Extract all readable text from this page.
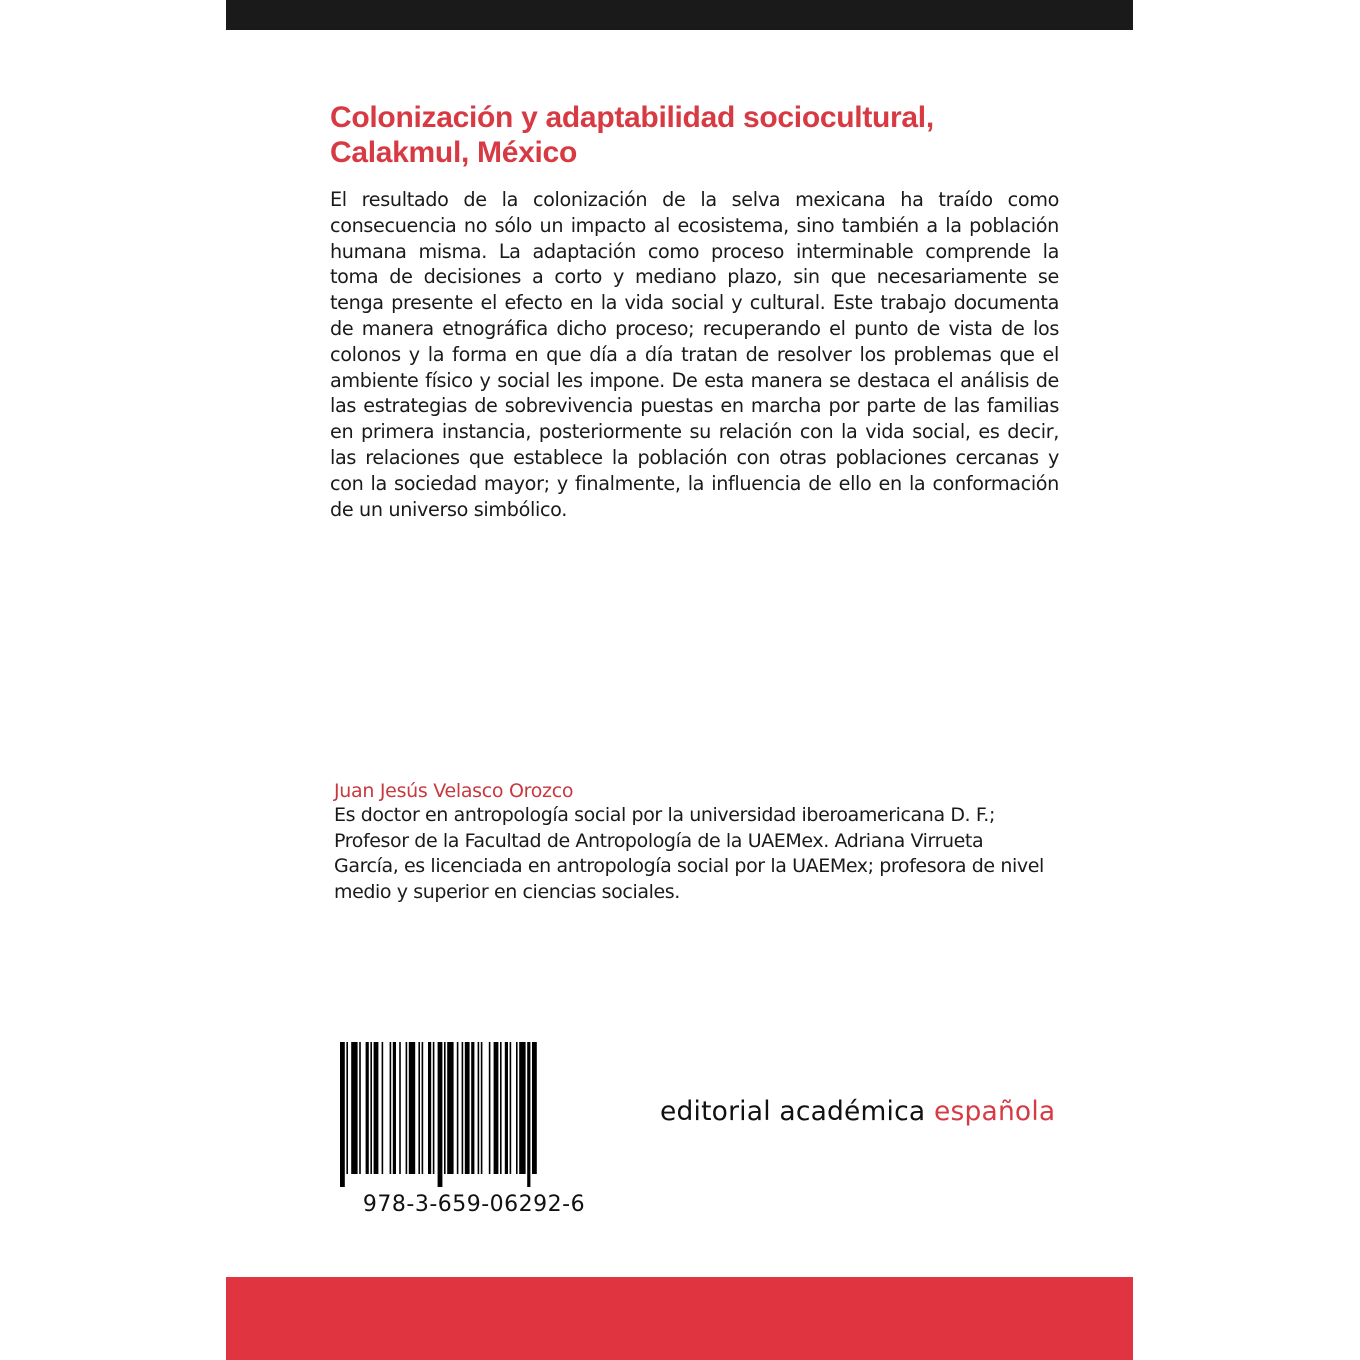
Colonización y adaptabilidad sociocultural, Calakmul, México

El resultado de la colonización de la selva mexicana ha traído como consecuencia no sólo un impacto al ecosistema, sino también a la población humana misma. La adaptación como proceso interminable comprende la toma de decisiones a corto y mediano plazo, sin que necesariamente se tenga presente el efecto en la vida social y cultural. Este trabajo documenta de manera etnográfica dicho proceso; recuperando el punto de vista de los colonos y la forma en que día a día tratan de resolver los problemas que el ambiente físico y social les impone. De esta manera se destaca el análisis de las estrategias de sobrevivencia puestas en marcha por parte de las familias en primera instancia, posteriormente su relación con la vida social, es decir, las relaciones que establece la población con otras poblaciones cercanas y con la sociedad mayor; y finalmente, la influencia de ello en la conformación de un universo simbólico.

Juan Jesús Velasco Orozco

Es doctor en antropología social por la universidad iberoamericana D. F.; Profesor de la Facultad de Antropología de la UAEMex. Adriana Virrueta García, es licenciada en antropología social por la UAEMex; profesora de nivel medio y superior en ciencias sociales.

978-3-659-06292-6
editorial académica española
